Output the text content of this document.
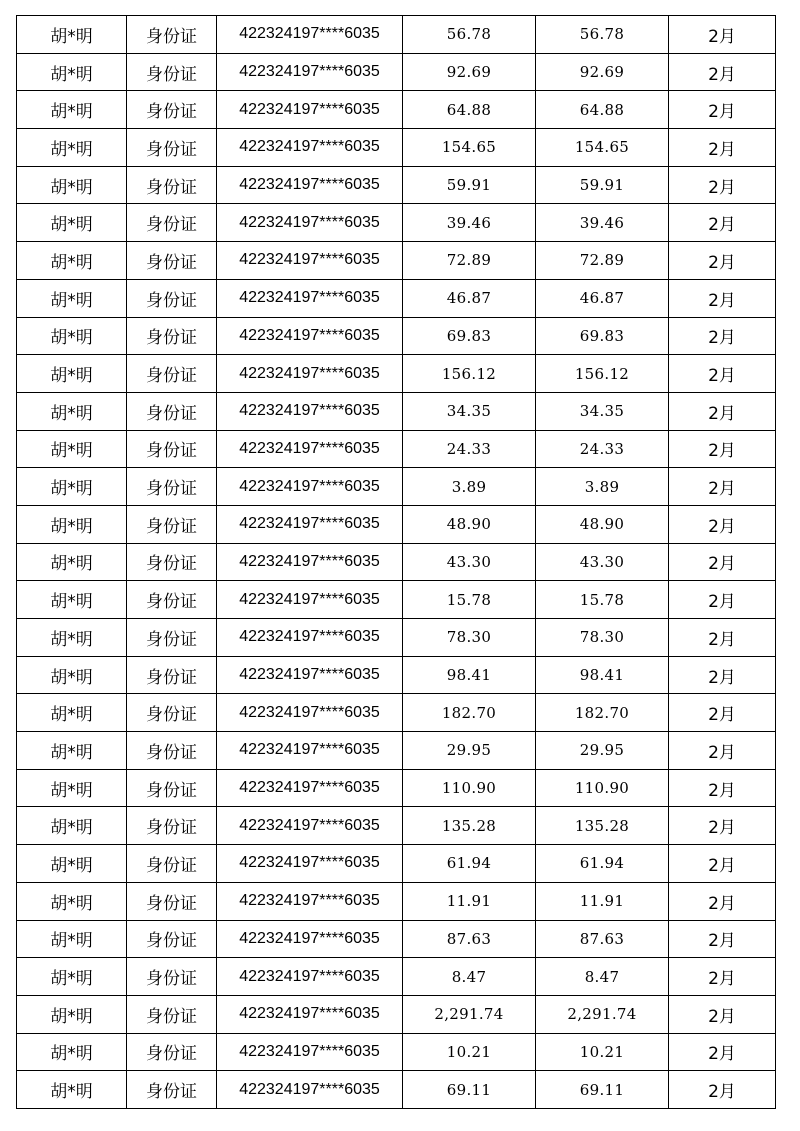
胡*明	身份证	422324197****6035	56.78	56.78	2月
胡*明	身份证	422324197****6035	92.69	92.69	2月
胡*明	身份证	422324197****6035	64.88	64.88	2月
胡*明	身份证	422324197****6035	154.65	154.65	2月
胡*明	身份证	422324197****6035	59.91	59.91	2月
胡*明	身份证	422324197****6035	39.46	39.46	2月
胡*明	身份证	422324197****6035	72.89	72.89	2月
胡*明	身份证	422324197****6035	46.87	46.87	2月
胡*明	身份证	422324197****6035	69.83	69.83	2月
胡*明	身份证	422324197****6035	156.12	156.12	2月
胡*明	身份证	422324197****6035	34.35	34.35	2月
胡*明	身份证	422324197****6035	24.33	24.33	2月
胡*明	身份证	422324197****6035	3.89	3.89	2月
胡*明	身份证	422324197****6035	48.90	48.90	2月
胡*明	身份证	422324197****6035	43.30	43.30	2月
胡*明	身份证	422324197****6035	15.78	15.78	2月
胡*明	身份证	422324197****6035	78.30	78.30	2月
胡*明	身份证	422324197****6035	98.41	98.41	2月
胡*明	身份证	422324197****6035	182.70	182.70	2月
胡*明	身份证	422324197****6035	29.95	29.95	2月
胡*明	身份证	422324197****6035	110.90	110.90	2月
胡*明	身份证	422324197****6035	135.28	135.28	2月
胡*明	身份证	422324197****6035	61.94	61.94	2月
胡*明	身份证	422324197****6035	11.91	11.91	2月
胡*明	身份证	422324197****6035	87.63	87.63	2月
胡*明	身份证	422324197****6035	8.47	8.47	2月
胡*明	身份证	422324197****6035	2,291.74	2,291.74	2月
胡*明	身份证	422324197****6035	10.21	10.21	2月
胡*明	身份证	422324197****6035	69.11	69.11	2月
